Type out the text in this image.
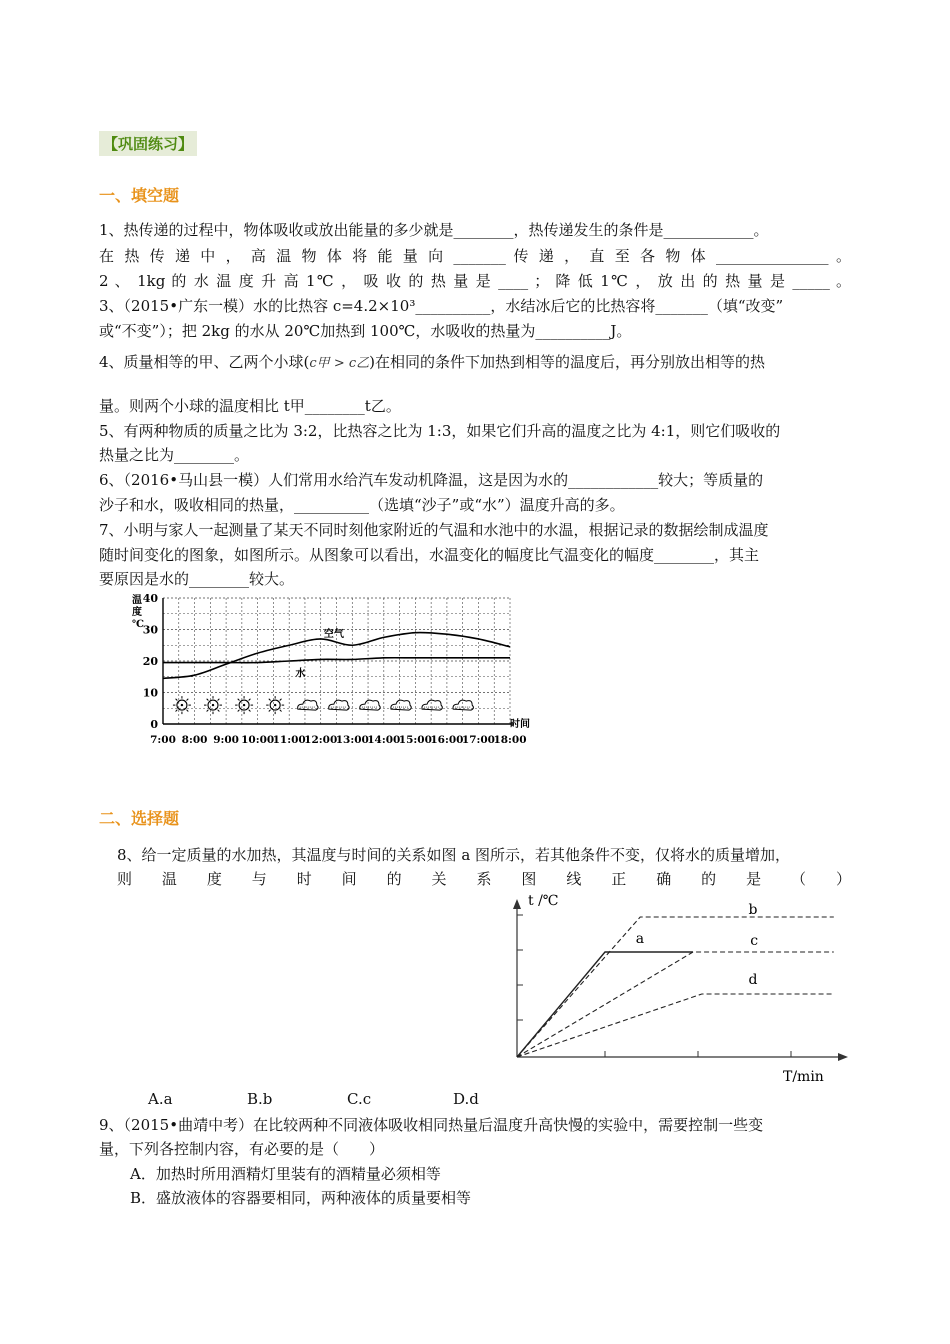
【巩固练习】
一、填空题
1、热传递的过程中，物体吸收或放出能量的多少就是________，热传递发生的条件是____________。
在 热 传 递 中 ， 高 温 物 体 将 能 量 向 _______ 传 递 ， 直 至 各 物 体 _______________ 。
2 、 1kg 的 水 温 度 升 高 1℃ ， 吸 收 的 热 量 是 ____ ； 降 低 1℃ ， 放 出 的 热 量 是 _____ 。
3、（2015•广东一模）水的比热容 c=4.2×10³__________，水结冰后它的比热容将_______（填“改变”
或“不变”）；把 2kg 的水从 20℃加热到 100℃，水吸收的热量为__________J。
4、质量相等的甲、乙两个小球(c甲 > c乙)在相同的条件下加热到相等的温度后，再分别放出相等的热
量。则两个小球的温度相比 t甲________t乙。
5、有两种物质的质量之比为 3:2，比热容之比为 1:3，如果它们升高的温度之比为 4:1，则它们吸收的
热量之比为________。
6、（2016•马山县一模）人们常用水给汽车发动机降温，这是因为水的____________较大；等质量的
沙子和水，吸收相同的热量，__________（选填“沙子”或“水”）温度升高的多。
7、小明与家人一起测量了某天不同时刻他家附近的气温和水池中的水温，根据记录的数据绘制成温度
随时间变化的图象，如图所示。从图象可以看出，水温变化的幅度比气温变化的幅度________，其主
要原因是水的________较大。
温
度
℃
时间
0
10
20
30
40
7:00 8:00 9:00 10:00
11:00
12:00
13:00
14:00
15:00
16:00
17:00
18:00
空气
水
二、选择题
8、给一定质量的水加热，其温度与时间的关系如图 a 图所示，若其他条件不变，仅将水的质量增加，
则 温 度 与 时 间 的 关 系 图 线 正 确 的 是 （ ）
t /℃
T/min
a
b
c
d
A.a	B.b	C.c	D.d
9、（2015•曲靖中考）在比较两种不同液体吸收相同热量后温度升高快慢的实验中，需要控制一些变
量，下列各控制内容，有必要的是（　　）
A．加热时所用酒精灯里装有的酒精量必须相等
B．盛放液体的容器要相同，两种液体的质量要相等
